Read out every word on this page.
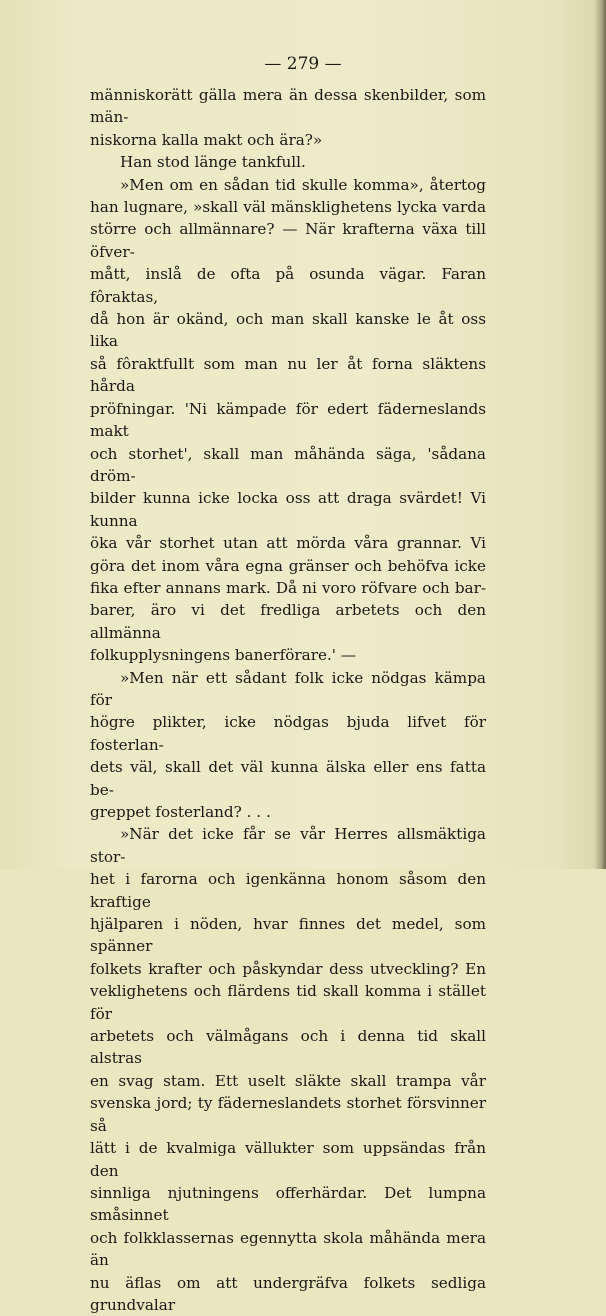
— 279 —

människorätt gälla mera än dessa skenbilder, som män-

niskorna kalla makt och ära?»

Han stod länge tankfull.

»Men om en sådan tid skulle komma», återtog

han lugnare, »skall väl mänsklighetens lycka varda

större och allmännare? — När krafterna växa till öfver-

mått, inslå de ofta på osunda vägar. Faran fôraktas,

då hon är okänd, och man skall kanske le åt oss lika

så fôraktfullt som man nu ler åt forna släktens hårda

pröfningar. 'Ni kämpade för edert fäderneslands makt

och storhet', skall man måhända säga, 'sådana dröm-

bilder kunna icke locka oss att draga svärdet! Vi kunna

öka vår storhet utan att mörda våra grannar. Vi

göra det inom våra egna gränser och behöfva icke

fika efter annans mark. Då ni voro röfvare och bar-

barer, äro vi det fredliga arbetets och den allmänna

folkupplysningens banerförare.' —

»Men när ett sådant folk icke nödgas kämpa för

högre plikter, icke nödgas bjuda lifvet för fosterlan-

dets väl, skall det väl kunna älska eller ens fatta be-

greppet fosterland? . . .

»När det icke får se vår Herres allsmäktiga stor-

het i farorna och igenkänna honom såsom den kraftige

hjälparen i nöden, hvar finnes det medel, som spänner

folkets krafter och påskyndar dess utveckling? En

veklighetens och flärdens tid skall komma i stället för

arbetets och välmågans och i denna tid skall alstras

en svag stam. Ett uselt släkte skall trampa vår

svenska jord; ty fäderneslandets storhet försvinner så

lätt i de kvalmiga vällukter som uppsändas från den

sinnliga njutningens offerhärdar. Det lumpna småsinnet

och folkklassernas egennytta skola måhända mera än

nu äflas om att undergräfva folkets sedliga grundvalar
